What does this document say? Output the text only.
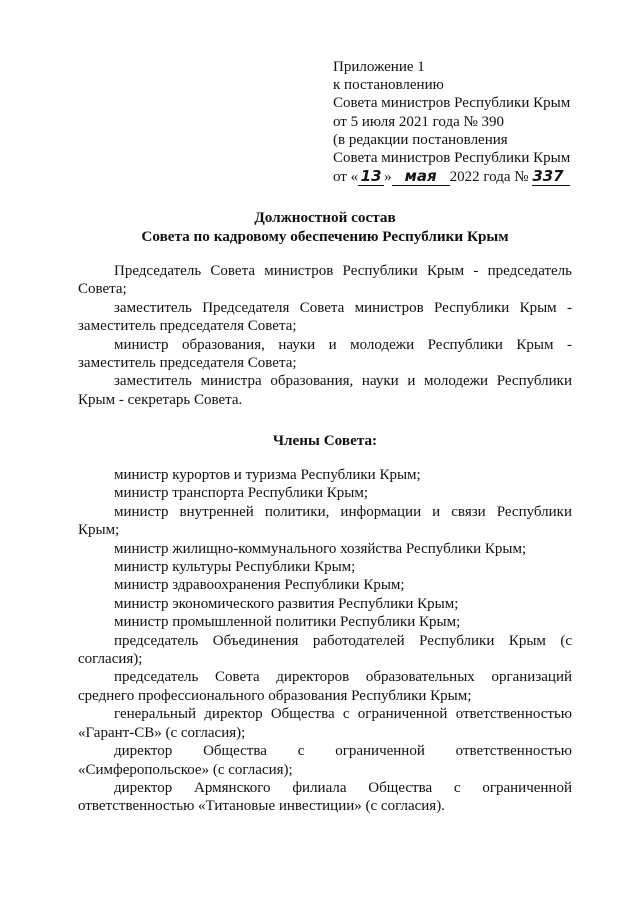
Приложение 1
к постановлению
Совета министров Республики Крым
от 5 июля 2021 года № 390
(в редакции постановления
Совета министров Республики Крым
от « 13 » мая 2022 года № 337
Должностной состав
Совета по кадровому обеспечению Республики Крым

Председатель Совета министров Республики Крым - председатель Совета;

заместитель Председателя Совета министров Республики Крым - заместитель председателя Совета;

министр образования, науки и молодежи Республики Крым - заместитель председателя Совета;

заместитель министра образования, науки и молодежи Республики Крым - секретарь Совета.

Члены Совета:

министр курортов и туризма Республики Крым;

министр транспорта Республики Крым;

министр внутренней политики, информации и связи Республики Крым;

министр жилищно-коммунального хозяйства Республики Крым;

министр культуры Республики Крым;

министр здравоохранения Республики Крым;

министр экономического развития Республики Крым;

министр промышленной политики Республики Крым;

председатель Объединения работодателей Республики Крым (с согласия);

председатель Совета директоров образовательных организаций среднего профессионального образования Республики Крым;

генеральный директор Общества с ограниченной ответственностью «Гарант-СВ» (с согласия);

директор Общества с ограниченной ответственностью «Симферопольское» (с согласия);

директор Армянского филиала Общества с ограниченной ответственностью «Титановые инвестиции» (с согласия).
